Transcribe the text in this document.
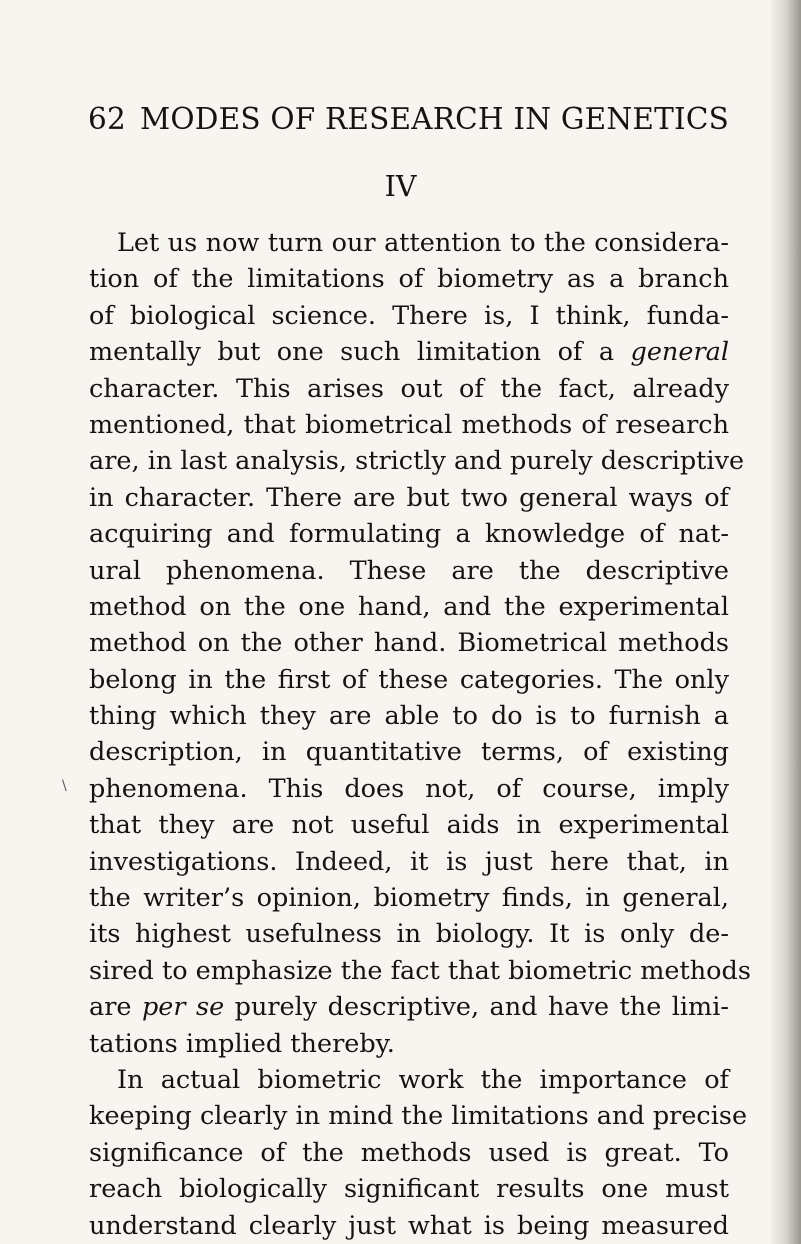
62 MODES OF RESEARCH IN GENETICS
IV
\
Let us now turn our attention to the considera-
tion of the limitations of biometry as a branch
of biological science. There is, I think, funda-
mentally but one such limitation of a general
character. This arises out of the fact, already
mentioned, that biometrical methods of research
are, in last analysis, strictly and purely descriptive
in character. There are but two general ways of
acquiring and formulating a knowledge of nat-
ural phenomena. These are the descriptive
method on the one hand, and the experimental
method on the other hand. Biometrical methods
belong in the first of these categories. The only
thing which they are able to do is to furnish a
description, in quantitative terms, of existing
phenomena. This does not, of course, imply
that they are not useful aids in experimental
investigations. Indeed, it is just here that, in
the writer’s opinion, biometry finds, in general,
its highest usefulness in biology. It is only de-
sired to emphasize the fact that biometric methods
are per se purely descriptive, and have the limi-
tations implied thereby.
In actual biometric work the importance of
keeping clearly in mind the limitations and precise
significance of the methods used is great. To
reach biologically significant results one must
understand clearly just what is being measured
